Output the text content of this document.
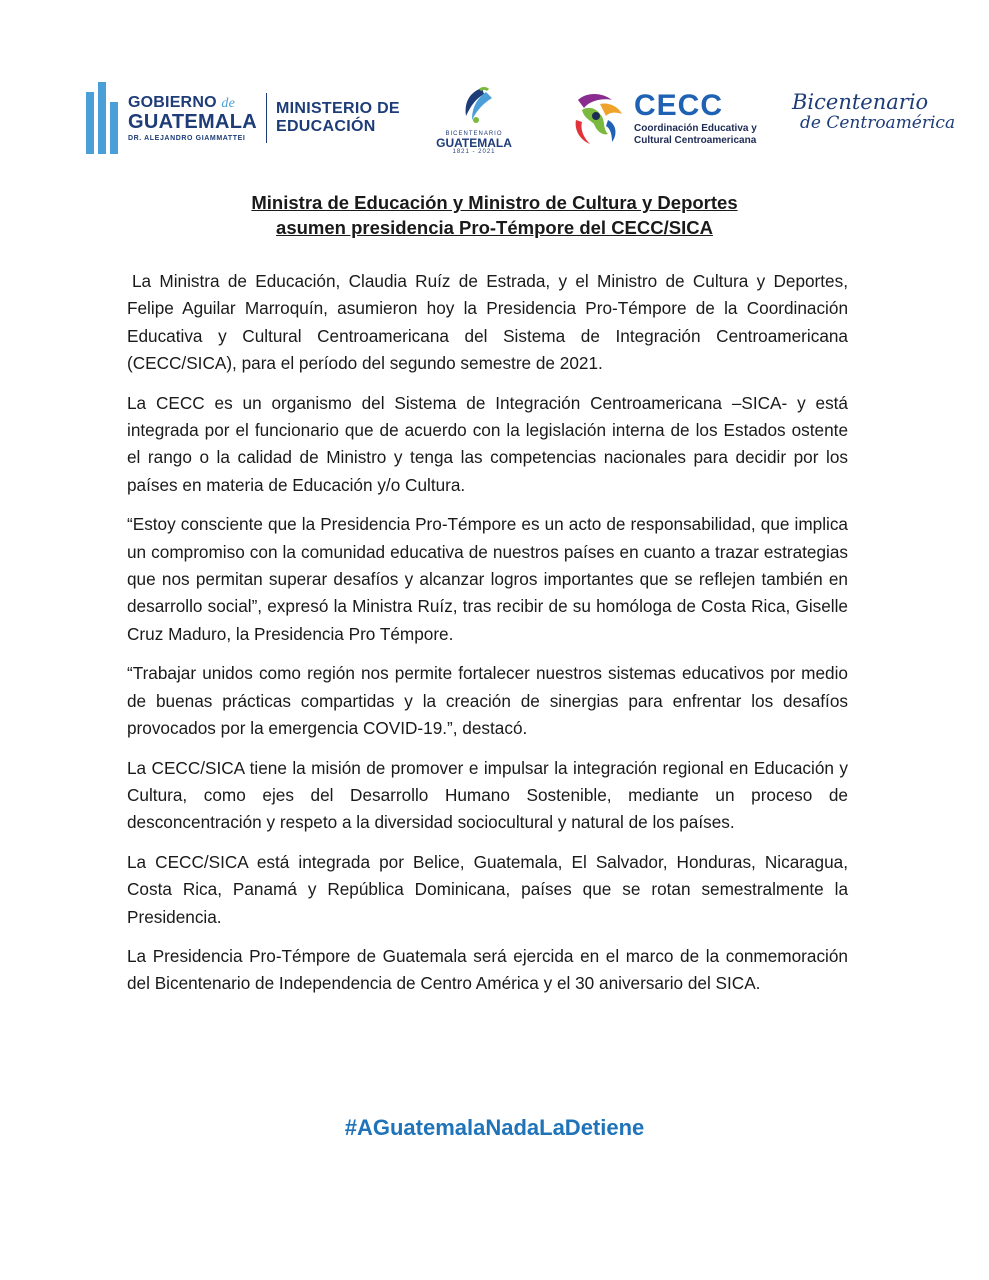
GOBIERNO de
GUATEMALA
DR. ALEJANDRO GIAMMATTEI
MINISTERIO DE
EDUCACIÓN	BICENTENARIO
GUATEMALA
1821 - 2021
CECC
Coordinación Educativa y
Cultural Centroamericana
Bicentenario
de Centroamérica
Ministra de Educación y Ministro de Cultura y Deportes
asumen presidencia Pro-Témpore del CECC/SICA

La Ministra de Educación, Claudia Ruíz de Estrada, y el Ministro de Cultura y Deportes, Felipe Aguilar Marroquín, asumieron hoy la Presidencia Pro-Témpore de la Coordinación Educativa y Cultural Centroamericana del Sistema de Integración Centroamericana (CECC/SICA), para el período del segundo semestre de 2021.

La CECC es un organismo del Sistema de Integración Centroamericana –SICA- y está integrada por el funcionario que de acuerdo con la legislación interna de los Estados ostente el rango o la calidad de Ministro y tenga las competencias nacionales para decidir por los países en materia de Educación y/o Cultura.

“Estoy consciente que la Presidencia Pro-Témpore es un acto de responsabilidad, que implica un compromiso con la comunidad educativa de nuestros países en cuanto a trazar estrategias que nos permitan superar desafíos y alcanzar logros importantes que se reflejen también en desarrollo social”, expresó la Ministra Ruíz, tras recibir de su homóloga de Costa Rica, Giselle Cruz Maduro, la Presidencia Pro Témpore.

“Trabajar unidos como región nos permite fortalecer nuestros sistemas educativos por medio de buenas prácticas compartidas y la creación de sinergias para enfrentar los desafíos provocados por la emergencia COVID-19.”, destacó.

La CECC/SICA tiene la misión de promover e impulsar la integración regional en Educación y Cultura, como ejes del Desarrollo Humano Sostenible, mediante un proceso de desconcentración y respeto a la diversidad sociocultural y natural de los países.

La CECC/SICA está integrada por Belice, Guatemala, El Salvador, Honduras, Nicaragua, Costa Rica, Panamá y República Dominicana, países que se rotan semestralmente la Presidencia.

La Presidencia Pro-Témpore de Guatemala será ejercida en el marco de la conmemoración del Bicentenario de Independencia de Centro América y el 30 aniversario del SICA.

#AGuatemalaNadaLaDetiene
